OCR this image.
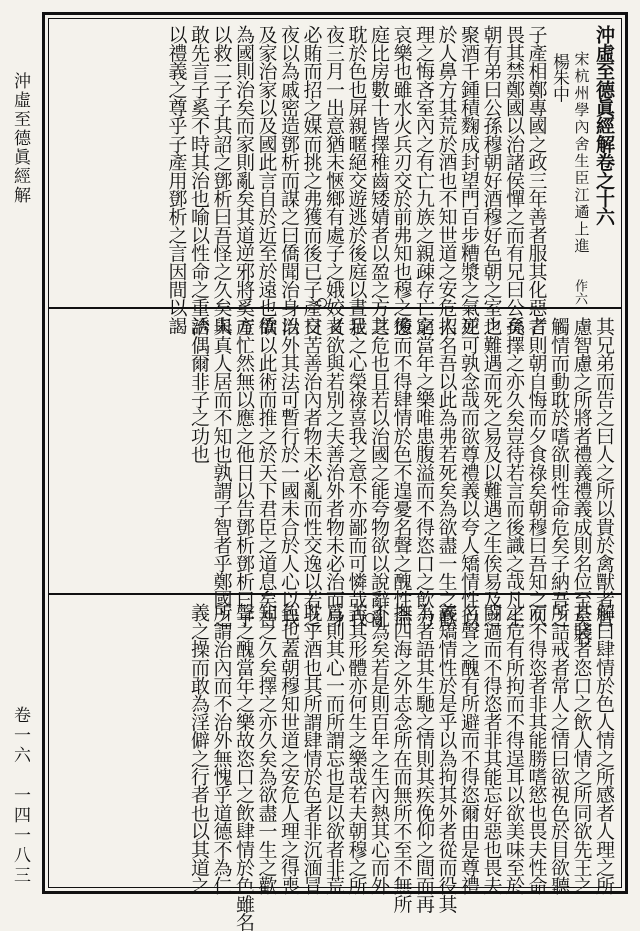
沖虛至德眞經解
卷一六　一四一八三
沖虛至德眞經解卷之十六
宋杭州學內舍生臣江遹上進
楊朱中
子產相鄭專國之政三年善者服其化惡者
畏其禁鄭國以治諸侯憚之而有兄曰公孫
朝有弟曰公孫穆朝好酒穆好色朝之室也
聚酒千鍾積麴成封望門百步糟漿之氣逆
於人鼻方其荒於酒也不知世道之安危人
理之悔吝室內之有亡九族之親疎存亡之
哀樂也雖水火兵刃交於前弗知也穆之後
庭比房數十皆擇稚齒矮婧者以盈之方其
耽於色也屏親暱絕交遊逃於後庭以晝足
夜三月一出意猶未愜鄉有處子之娥姣者
必賄而招之媒而挑之弗獲而後已子產日
夜以為戚密造鄧析而謀之曰僑聞治身以
及家治家以及國此言自於近至於遠也僑
為國則治矣而家則亂矣其道逆邪將奚方
以救二子子其詔之鄧析曰吾怪之久矣未
敢先言子奚不時其治也喻以性命之重誘
以禮義之尊乎子產用鄧析之言因間以謁	作六
其兄弟而告之曰人之所以貴於禽獸者智
慮智慮之所將者禮義禮義成則名位至矣若
觸情而動耽於嗜欲則性命危矣子納吾之
言則朝自悔而夕食祿矣朝穆曰吾知之久
矣擇之亦久矣豈待若言而後識之哉凡生
之難遇而死之易及以難遇之生俟易及之
死可孰念哉而欲尊禮義以夸人矯情性以
招名吾以此為弗若死矣為欲盡一生之歡
窮當年之樂唯患腹溢而不得恣口之飲力
憊而不得肆情於色不遑憂名聲之醜性命
之危也且若以治國之能夸物欲以說辭亂
我之心榮祿喜我之意不亦鄙而可憐哉我
又欲與若別之夫善治外者物未必治而身
交苦善治內者物未必亂而性交逸以若之
治外其法可暫行於一國未合於人心以我
欲以此術而推之於天下君臣之道息矣吾
產忙然無以應之他日以告鄧析鄧析曰子
與真人居而不知也孰謂子智者乎鄭國之
治偶爾非子之功也
解曰肆情於色人情之所感者人理之所
甚賤者恣口之飲人情之所同欲先王之
所詰戒者常人之情曰欲視色於目欲聽
而不得恣者非其能勝嗜慾也畏夫性命
之危有所拘而不得逞耳以欲美味至於
闘過而不得恣者非其能忘好惡也畏夫
名聲之醜有所避而不得恣爾由是尊禮
義矯情性於是乎以為拘其外者從而役其
為者語其生馳之情則其疾俛仰之間而再
撫四海之外志念所在而無所不至不無所
不為矣若是則百年之生內熱其心而外
苦其形體亦何生之樂哉若夫朝穆之所
爲則其心一而所謂忘也是以欲者非荒
耽乎酒也其所謂肆情於色者非沉湎冒
色也蓋朝穆知世道之安危人理之得喪
知之久矣擇之亦久矣為欲盡一生之歡
聲之醜當年之樂故恣口之飲肆情於色雖名
所謂治內而不治外無愧乎道德不為仁
義之操而敢為淫僻之行者也以其道之
